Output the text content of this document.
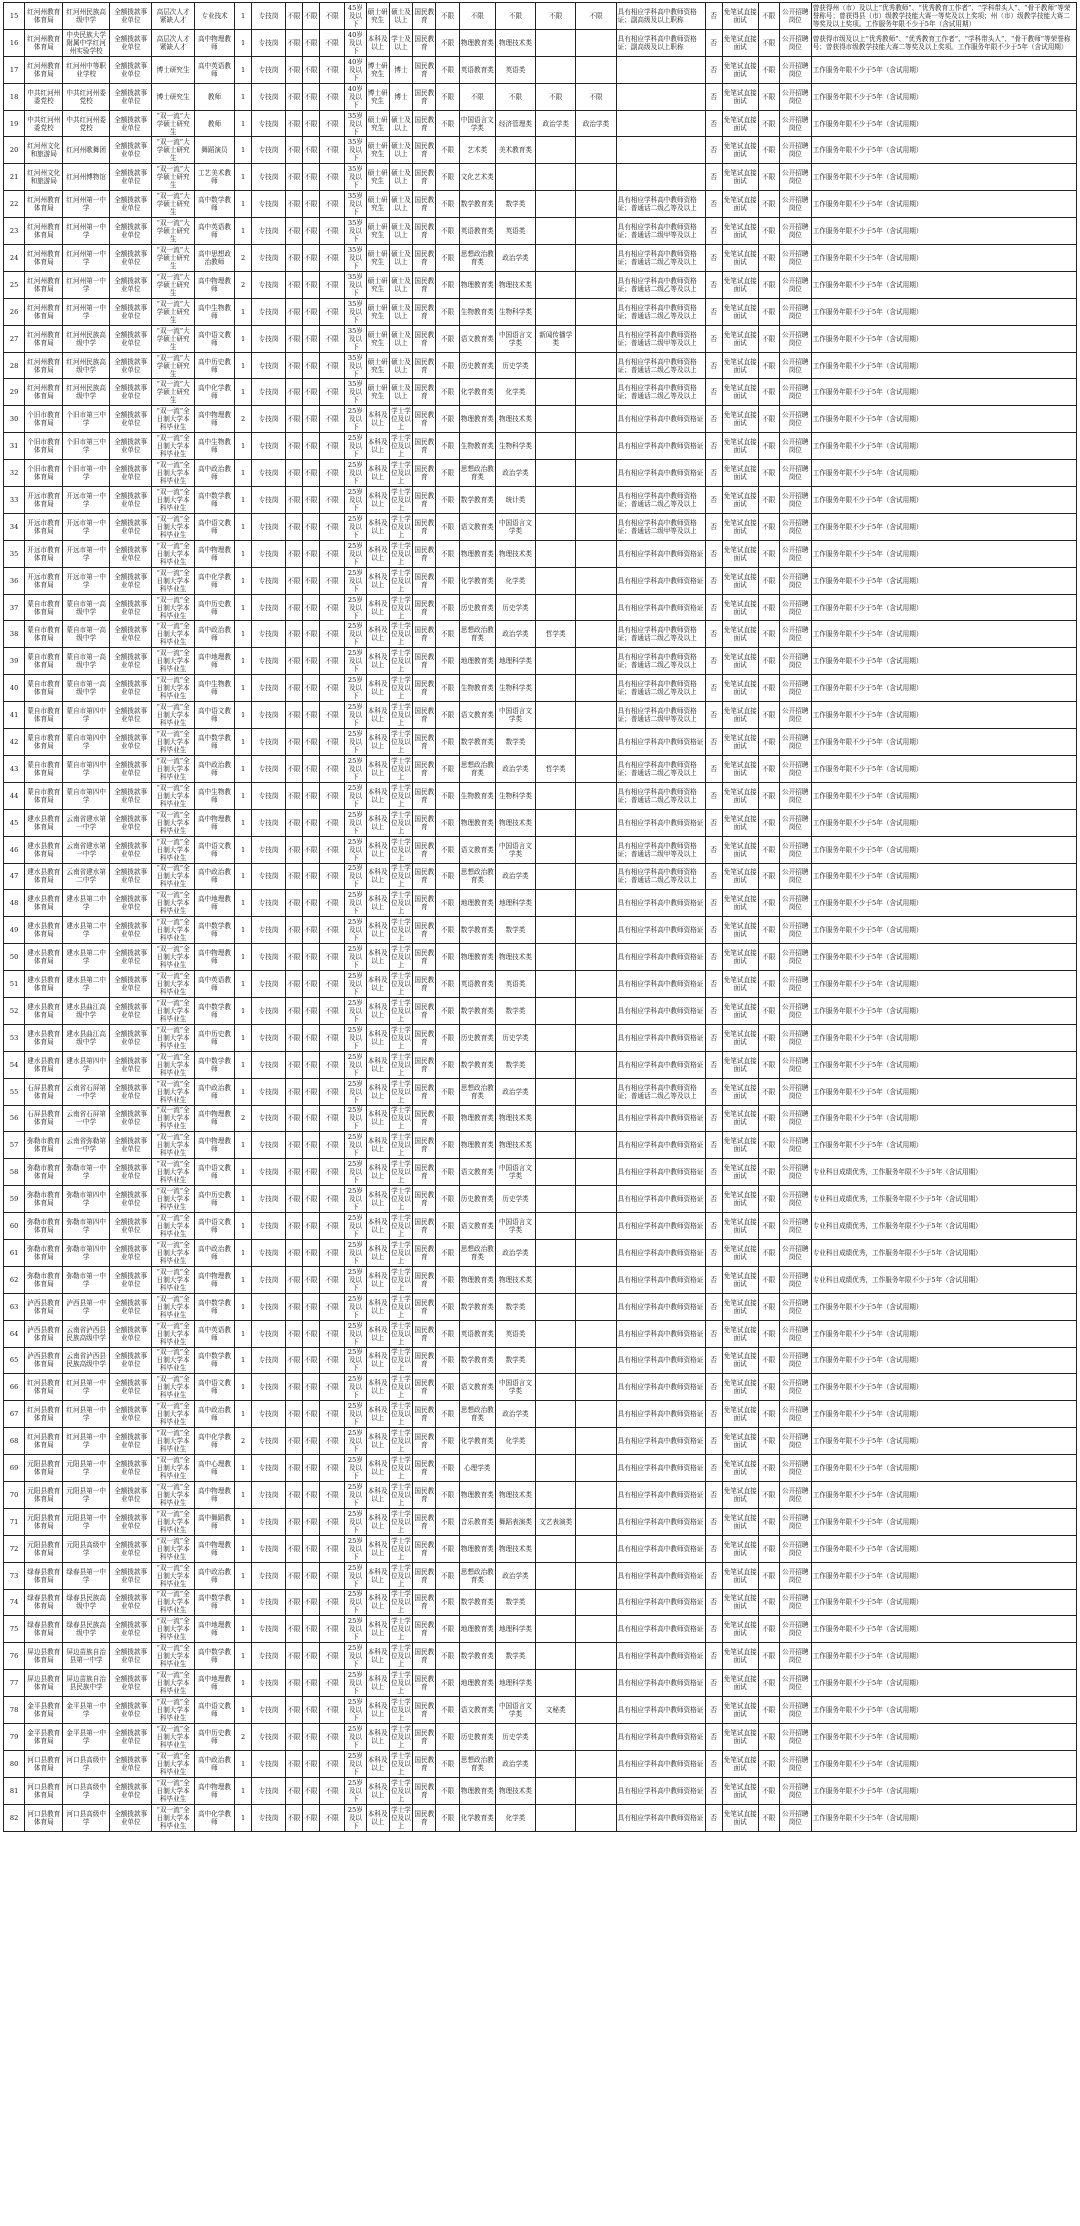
15	红河州教育体育局	红河州民族高级中学	全额拨款事业单位	高层次人才紧缺人才	专业技术	1	专技岗	不限	不限	不限	45岁及以下	硕士研究生	硕士及以上	国民教育	不限	不限	不限	不限	不限	具有相应学科高中教师资格证；副高级及以上职称	否	免笔试直接面试	不限	公开招聘岗位	曾获得州（市）及以上“优秀教师”、“优秀教育工作者”、“学科带头人”、“骨干教师”等荣誉称号；曾获得县（市）级教学技能大赛一等奖及以上奖项；州（市）级教学技能大赛二等奖及以上奖项。工作服务年限不少于5年（含试用期）
16	红河州教育体育局	中央民族大学附属中学红河州实验学校	全额拨款事业单位	高层次人才紧缺人才	高中物理教师	1	专技岗	不限	不限	不限	40岁及以下	本科及以上	学士及以上	国民教育	不限	物理教育类	物理技术类			具有相应学科高中教师资格证；副高级及以上职称	否	免笔试直接面试	不限	公开招聘岗位	曾获得市级及以上“优秀教师”、“优秀教育工作者”、“学科带头人”、“骨干教师”等荣誉称号；曾获得市级教学技能大赛二等奖及以上奖项。工作服务年限不少于5年（含试用期）
17	红河州教育体育局	红河州中等职业学校	全额拨款事业单位	博士研究生	高中英语教师	1	专技岗	不限	不限	不限	40岁及以下	博士研究生	博士	国民教育	不限	英语教育类	英语类				否	免笔试直接面试	不限	公开招聘岗位	工作服务年限不少于5年（含试用期）
18	中共红河州委党校	中共红河州委党校	全额拨款事业单位	博士研究生	教师	1	专技岗	不限	不限	不限	40岁及以下	博士研究生	博士	国民教育	不限	不限	不限	不限	不限		否	免笔试直接面试	不限	公开招聘岗位	工作服务年限不少于5年（含试用期）
19	中共红河州委党校	中共红河州委党校	全额拨款事业单位	“双一流”大学硕士研究生	教师	1	专技岗	不限	不限	不限	35岁及以下	硕士研究生	硕士及以上	国民教育	不限	中国语言文学类	经济管理类	政治学类	政治学类		否	免笔试直接面试	不限	公开招聘岗位	工作服务年限不少于5年（含试用期）
20	红河州文化和旅游局	红河州歌舞团	全额拨款事业单位	“双一流”大学硕士研究生	舞蹈演员	1	专技岗	不限	不限	不限	35岁及以下	硕士研究生	硕士及以上	国民教育	不限	艺术类	美术教育类				否	免笔试直接面试	不限	公开招聘岗位	工作服务年限不少于5年（含试用期）
21	红河州文化和旅游局	红河州博物馆	全额拨款事业单位	“双一流”大学硕士研究生	工艺美术教师	1	专技岗	不限	不限	不限	35岁及以下	硕士研究生	硕士及以上	国民教育	不限	文化艺术类					否	免笔试直接面试	不限	公开招聘岗位	工作服务年限不少于5年（含试用期）
22	红河州教育体育局	红河州第一中学	全额拨款事业单位	“双一流”大学硕士研究生	高中数学教师	1	专技岗	不限	不限	不限	35岁及以下	硕士研究生	硕士及以上	国民教育	不限	数学教育类	数学类			具有相应学科高中教师资格证；普通话二级乙等及以上	否	免笔试直接面试	不限	公开招聘岗位	工作服务年限不少于5年（含试用期）
23	红河州教育体育局	红河州第一中学	全额拨款事业单位	“双一流”大学硕士研究生	高中英语教师	1	专技岗	不限	不限	不限	35岁及以下	硕士研究生	硕士及以上	国民教育	不限	英语教育类	英语类			具有相应学科高中教师资格证；普通话二级甲等及以上	否	免笔试直接面试	不限	公开招聘岗位	工作服务年限不少于5年（含试用期）
24	红河州教育体育局	红河州第一中学	全额拨款事业单位	“双一流”大学硕士研究生	高中思想政治教师	2	专技岗	不限	不限	不限	35岁及以下	硕士研究生	硕士及以上	国民教育	不限	思想政治教育类	政治学类			具有相应学科高中教师资格证；普通话二级乙等及以上	否	免笔试直接面试	不限	公开招聘岗位	工作服务年限不少于5年（含试用期）
25	红河州教育体育局	红河州第一中学	全额拨款事业单位	“双一流”大学硕士研究生	高中物理教师	2	专技岗	不限	不限	不限	35岁及以下	硕士研究生	硕士及以上	国民教育	不限	物理教育类	物理技术类			具有相应学科高中教师资格证；普通话二级乙等及以上	否	免笔试直接面试	不限	公开招聘岗位	工作服务年限不少于5年（含试用期）
26	红河州教育体育局	红河州第一中学	全额拨款事业单位	“双一流”大学硕士研究生	高中生物教师	1	专技岗	不限	不限	不限	35岁及以下	硕士研究生	硕士及以上	国民教育	不限	生物教育类	生物科学类			具有相应学科高中教师资格证；普通话二级乙等及以上	否	免笔试直接面试	不限	公开招聘岗位	工作服务年限不少于5年（含试用期）
27	红河州教育体育局	红河州民族高级中学	全额拨款事业单位	“双一流”大学硕士研究生	高中语文教师	1	专技岗	不限	不限	不限	35岁及以下	硕士研究生	硕士及以上	国民教育	不限	语文教育类	中国语言文学类	新闻传播学类		具有相应学科高中教师资格证；普通话二级甲等及以上	否	免笔试直接面试	不限	公开招聘岗位	工作服务年限不少于5年（含试用期）
28	红河州教育体育局	红河州民族高级中学	全额拨款事业单位	“双一流”大学硕士研究生	高中历史教师	1	专技岗	不限	不限	不限	35岁及以下	硕士研究生	硕士及以上	国民教育	不限	历史教育类	历史学类			具有相应学科高中教师资格证；普通话二级乙等及以上	否	免笔试直接面试	不限	公开招聘岗位	工作服务年限不少于5年（含试用期）
29	红河州教育体育局	红河州民族高级中学	全额拨款事业单位	“双一流”大学硕士研究生	高中化学教师	1	专技岗	不限	不限	不限	35岁及以下	硕士研究生	硕士及以上	国民教育	不限	化学教育类	化学类			具有相应学科高中教师资格证；普通话二级乙等及以上	否	免笔试直接面试	不限	公开招聘岗位	工作服务年限不少于5年（含试用期）
30	个旧市教育体育局	个旧市第三中学	全额拨款事业单位	“双一流”全日制大学本科毕业生	高中物理教师	2	专技岗	不限	不限	不限	25岁及以下	本科及以上	学士学位及以上	国民教育	不限	物理教育类	物理技术类			具有相应学科高中教师资格证	否	免笔试直接面试	不限	公开招聘岗位	工作服务年限不少于5年（含试用期）
31	个旧市教育体育局	个旧市第三中学	全额拨款事业单位	“双一流”全日制大学本科毕业生	高中生物教师	1	专技岗	不限	不限	不限	25岁及以下	本科及以上	学士学位及以上	国民教育	不限	生物教育类	生物科学类			具有相应学科高中教师资格证	否	免笔试直接面试	不限	公开招聘岗位	工作服务年限不少于5年（含试用期）
32	个旧市教育体育局	个旧市第一中学	全额拨款事业单位	“双一流”全日制大学本科毕业生	高中政治教师	1	专技岗	不限	不限	不限	25岁及以下	本科及以上	学士学位及以上	国民教育	不限	思想政治教育类	政治学类			具有相应学科高中教师资格证	否	免笔试直接面试	不限	公开招聘岗位	工作服务年限不少于5年（含试用期）
33	开远市教育体育局	开远市第一中学	全额拨款事业单位	“双一流”全日制大学本科毕业生	高中数学教师	1	专技岗	不限	不限	不限	25岁及以下	本科及以上	学士学位及以上	国民教育	不限	数学教育类	统计类			具有相应学科高中教师资格证；普通话二级乙等及以上	否	免笔试直接面试	不限	公开招聘岗位	工作服务年限不少于5年（含试用期）
34	开远市教育体育局	开远市第一中学	全额拨款事业单位	“双一流”全日制大学本科毕业生	高中语文教师	1	专技岗	不限	不限	不限	25岁及以下	本科及以上	学士学位及以上	国民教育	不限	语文教育类	中国语言文学类			具有相应学科高中教师资格证；普通话二级甲等及以上	否	免笔试直接面试	不限	公开招聘岗位	工作服务年限不少于5年（含试用期）
35	开远市教育体育局	开远市第一中学	全额拨款事业单位	“双一流”全日制大学本科毕业生	高中物理教师	1	专技岗	不限	不限	不限	25岁及以下	本科及以上	学士学位及以上	国民教育	不限	物理教育类	物理技术类			具有相应学科高中教师资格证	否	免笔试直接面试	不限	公开招聘岗位	工作服务年限不少于5年（含试用期）
36	开远市教育体育局	开远市第一中学	全额拨款事业单位	“双一流”全日制大学本科毕业生	高中化学教师	1	专技岗	不限	不限	不限	25岁及以下	本科及以上	学士学位及以上	国民教育	不限	化学教育类	化学类			具有相应学科高中教师资格证	否	免笔试直接面试	不限	公开招聘岗位	工作服务年限不少于5年（含试用期）
37	蒙自市教育体育局	蒙自市第一高级中学	全额拨款事业单位	“双一流”全日制大学本科毕业生	高中历史教师	1	专技岗	不限	不限	不限	25岁及以下	本科及以上	学士学位及以上	国民教育	不限	历史教育类	历史学类			具有相应学科高中教师资格证	否	免笔试直接面试	不限	公开招聘岗位	工作服务年限不少于5年（含试用期）
38	蒙自市教育体育局	蒙自市第一高级中学	全额拨款事业单位	“双一流”全日制大学本科毕业生	高中政治教师	1	专技岗	不限	不限	不限	25岁及以下	本科及以上	学士学位及以上	国民教育	不限	思想政治教育类	政治学类	哲学类		具有相应学科高中教师资格证；普通话二级乙等及以上	否	免笔试直接面试	不限	公开招聘岗位	工作服务年限不少于5年（含试用期）
39	蒙自市教育体育局	蒙自市第一高级中学	全额拨款事业单位	“双一流”全日制大学本科毕业生	高中地理教师	1	专技岗	不限	不限	不限	25岁及以下	本科及以上	学士学位及以上	国民教育	不限	地理教育类	地理科学类			具有相应学科高中教师资格证；普通话二级乙等及以上	否	免笔试直接面试	不限	公开招聘岗位	工作服务年限不少于5年（含试用期）
40	蒙自市教育体育局	蒙自市第一高级中学	全额拨款事业单位	“双一流”全日制大学本科毕业生	高中生物教师	1	专技岗	不限	不限	不限	25岁及以下	本科及以上	学士学位及以上	国民教育	不限	生物教育类	生物科学类			具有相应学科高中教师资格证；普通话二级乙等及以上	否	免笔试直接面试	不限	公开招聘岗位	工作服务年限不少于5年（含试用期）
41	蒙自市教育体育局	蒙自市第四中学	全额拨款事业单位	“双一流”全日制大学本科毕业生	高中语文教师	1	专技岗	不限	不限	不限	25岁及以下	本科及以上	学士学位及以上	国民教育	不限	语文教育类	中国语言文学类			具有相应学科高中教师资格证；普通话二级甲等及以上	否	免笔试直接面试	不限	公开招聘岗位	工作服务年限不少于5年（含试用期）
42	蒙自市教育体育局	蒙自市第四中学	全额拨款事业单位	“双一流”全日制大学本科毕业生	高中数学教师	1	专技岗	不限	不限	不限	25岁及以下	本科及以上	学士学位及以上	国民教育	不限	数学教育类	数学类			具有相应学科高中教师资格证	否	免笔试直接面试	不限	公开招聘岗位	工作服务年限不少于5年（含试用期）
43	蒙自市教育体育局	蒙自市第四中学	全额拨款事业单位	“双一流”全日制大学本科毕业生	高中政治教师	1	专技岗	不限	不限	不限	25岁及以下	本科及以上	学士学位及以上	国民教育	不限	思想政治教育类	政治学类	哲学类		具有相应学科高中教师资格证；普通话二级乙等及以上	否	免笔试直接面试	不限	公开招聘岗位	工作服务年限不少于5年（含试用期）
44	蒙自市教育体育局	蒙自市第四中学	全额拨款事业单位	“双一流”全日制大学本科毕业生	高中生物教师	1	专技岗	不限	不限	不限	25岁及以下	本科及以上	学士学位及以上	国民教育	不限	生物教育类	生物科学类			具有相应学科高中教师资格证；普通话二级乙等及以上	否	免笔试直接面试	不限	公开招聘岗位	工作服务年限不少于5年（含试用期）
45	建水县教育体育局	云南省建水第一中学	全额拨款事业单位	“双一流”全日制大学本科毕业生	高中物理教师	1	专技岗	不限	不限	不限	25岁及以下	本科及以上	学士学位及以上	国民教育	不限	物理教育类	物理技术类			具有相应学科高中教师资格证	否	免笔试直接面试	不限	公开招聘岗位	工作服务年限不少于5年（含试用期）
46	建水县教育体育局	云南省建水第一中学	全额拨款事业单位	“双一流”全日制大学本科毕业生	高中语文教师	1	专技岗	不限	不限	不限	25岁及以下	本科及以上	学士学位及以上	国民教育	不限	语文教育类	中国语言文学类			具有相应学科高中教师资格证；普通话二级甲等及以上	否	免笔试直接面试	不限	公开招聘岗位	工作服务年限不少于5年（含试用期）
47	建水县教育体育局	云南省建水第二中学	全额拨款事业单位	“双一流”全日制大学本科毕业生	高中政治教师	1	专技岗	不限	不限	不限	25岁及以下	本科及以上	学士学位及以上	国民教育	不限	思想政治教育类	政治学类			具有相应学科高中教师资格证；普通话二级乙等及以上	否	免笔试直接面试	不限	公开招聘岗位	工作服务年限不少于5年（含试用期）
48	建水县教育体育局	建水县第二中学	全额拨款事业单位	“双一流”全日制大学本科毕业生	高中地理教师	1	专技岗	不限	不限	不限	25岁及以下	本科及以上	学士学位及以上	国民教育	不限	地理教育类	地理科学类			具有相应学科高中教师资格证	否	免笔试直接面试	不限	公开招聘岗位	工作服务年限不少于5年（含试用期）
49	建水县教育体育局	建水县第二中学	全额拨款事业单位	“双一流”全日制大学本科毕业生	高中数学教师	1	专技岗	不限	不限	不限	25岁及以下	本科及以上	学士学位及以上	国民教育	不限	数学教育类	数学类			具有相应学科高中教师资格证	否	免笔试直接面试	不限	公开招聘岗位	工作服务年限不少于5年（含试用期）
50	建水县教育体育局	建水县第二中学	全额拨款事业单位	“双一流”全日制大学本科毕业生	高中物理教师	1	专技岗	不限	不限	不限	25岁及以下	本科及以上	学士学位及以上	国民教育	不限	物理教育类	物理技术类			具有相应学科高中教师资格证	否	免笔试直接面试	不限	公开招聘岗位	工作服务年限不少于5年（含试用期）
51	建水县教育体育局	建水县第二中学	全额拨款事业单位	“双一流”全日制大学本科毕业生	高中英语教师	1	专技岗	不限	不限	不限	25岁及以下	本科及以上	学士学位及以上	国民教育	不限	英语教育类	英语类			具有相应学科高中教师资格证	否	免笔试直接面试	不限	公开招聘岗位	工作服务年限不少于5年（含试用期）
52	建水县教育体育局	建水县曲江高级中学	全额拨款事业单位	“双一流”全日制大学本科毕业生	高中数学教师	1	专技岗	不限	不限	不限	25岁及以下	本科及以上	学士学位及以上	国民教育	不限	数学教育类	数学类			具有相应学科高中教师资格证	否	免笔试直接面试	不限	公开招聘岗位	工作服务年限不少于5年（含试用期）
53	建水县教育体育局	建水县曲江高级中学	全额拨款事业单位	“双一流”全日制大学本科毕业生	高中历史教师	1	专技岗	不限	不限	不限	25岁及以下	本科及以上	学士学位及以上	国民教育	不限	历史教育类	历史学类			具有相应学科高中教师资格证	否	免笔试直接面试	不限	公开招聘岗位	工作服务年限不少于5年（含试用期）
54	建水县教育体育局	建水县第四中学	全额拨款事业单位	“双一流”全日制大学本科毕业生	高中数学教师	1	专技岗	不限	不限	不限	25岁及以下	本科及以上	学士学位及以上	国民教育	不限	数学教育类	数学类			具有相应学科高中教师资格证	否	免笔试直接面试	不限	公开招聘岗位	工作服务年限不少于5年（含试用期）
55	石屏县教育体育局	云南省石屏第一中学	全额拨款事业单位	“双一流”全日制大学本科毕业生	高中政治教师	1	专技岗	不限	不限	不限	25岁及以下	本科及以上	学士学位及以上	国民教育	不限	思想政治教育类	政治学类			具有相应学科高中教师资格证；普通话二级乙等及以上	否	免笔试直接面试	不限	公开招聘岗位	工作服务年限不少于5年（含试用期）
56	石屏县教育体育局	云南省石屏第一中学	全额拨款事业单位	“双一流”全日制大学本科毕业生	高中物理教师	2	专技岗	不限	不限	不限	25岁及以下	本科及以上	学士学位及以上	国民教育	不限	物理教育类	物理技术类			具有相应学科高中教师资格证	否	免笔试直接面试	不限	公开招聘岗位	工作服务年限不少于5年（含试用期）
57	弥勒市教育体育局	云南省弥勒第一中学	全额拨款事业单位	“双一流”全日制大学本科毕业生	高中物理教师	1	专技岗	不限	不限	不限	25岁及以下	本科及以上	学士学位及以上	国民教育	不限	物理教育类	物理技术类			具有相应学科高中教师资格证	否	免笔试直接面试	不限	公开招聘岗位	工作服务年限不少于5年（含试用期）
58	弥勒市教育体育局	弥勒市第一中学	全额拨款事业单位	“双一流”全日制大学本科毕业生	高中语文教师	1	专技岗	不限	不限	不限	25岁及以下	本科及以上	学士学位及以上	国民教育	不限	语文教育类	中国语言文学类			具有相应学科高中教师资格证	否	免笔试直接面试	不限	公开招聘岗位	专业科目成绩优秀，工作服务年限不少于5年（含试用期）
59	弥勒市教育体育局	弥勒市第四中学	全额拨款事业单位	“双一流”全日制大学本科毕业生	高中历史教师	1	专技岗	不限	不限	不限	25岁及以下	本科及以上	学士学位及以上	国民教育	不限	历史教育类	历史学类			具有相应学科高中教师资格证	否	免笔试直接面试	不限	公开招聘岗位	专业科目成绩优秀，工作服务年限不少于5年（含试用期）
60	弥勒市教育体育局	弥勒市第四中学	全额拨款事业单位	“双一流”全日制大学本科毕业生	高中语文教师	1	专技岗	不限	不限	不限	25岁及以下	本科及以上	学士学位及以上	国民教育	不限	语文教育类	中国语言文学类			具有相应学科高中教师资格证	否	免笔试直接面试	不限	公开招聘岗位	专业科目成绩优秀，工作服务年限不少于5年（含试用期）
61	弥勒市教育体育局	弥勒市第四中学	全额拨款事业单位	“双一流”全日制大学本科毕业生	高中政治教师	1	专技岗	不限	不限	不限	25岁及以下	本科及以上	学士学位及以上	国民教育	不限	思想政治教育类	政治学类			具有相应学科高中教师资格证	否	免笔试直接面试	不限	公开招聘岗位	专业科目成绩优秀，工作服务年限不少于5年（含试用期）
62	弥勒市教育体育局	弥勒市第一中学	全额拨款事业单位	“双一流”全日制大学本科毕业生	高中物理教师	1	专技岗	不限	不限	不限	25岁及以下	本科及以上	学士学位及以上	国民教育	不限	物理教育类	物理技术类			具有相应学科高中教师资格证	否	免笔试直接面试	不限	公开招聘岗位	专业科目成绩优秀，工作服务年限不少于5年（含试用期）
63	泸西县教育体育局	泸西县第一中学	全额拨款事业单位	“双一流”全日制大学本科毕业生	高中数学教师	1	专技岗	不限	不限	不限	25岁及以下	本科及以上	学士学位及以上	国民教育	不限	数学教育类	数学类			具有相应学科高中教师资格证	否	免笔试直接面试	不限	公开招聘岗位	工作服务年限不少于5年（含试用期）
64	泸西县教育体育局	云南省泸西县民族高级中学	全额拨款事业单位	“双一流”全日制大学本科毕业生	高中英语教师	1	专技岗	不限	不限	不限	25岁及以下	本科及以上	学士学位及以上	国民教育	不限	英语教育类	英语类			具有相应学科高中教师资格证	否	免笔试直接面试	不限	公开招聘岗位	工作服务年限不少于5年（含试用期）
65	泸西县教育体育局	云南省泸西县民族高级中学	全额拨款事业单位	“双一流”全日制大学本科毕业生	高中数学教师	1	专技岗	不限	不限	不限	25岁及以下	本科及以上	学士学位及以上	国民教育	不限	数学教育类	数学类			具有相应学科高中教师资格证	否	免笔试直接面试	不限	公开招聘岗位	工作服务年限不少于5年（含试用期）
66	红河县教育体育局	红河县第一中学	全额拨款事业单位	“双一流”全日制大学本科毕业生	高中语文教师	1	专技岗	不限	不限	不限	25岁及以下	本科及以上	学士学位及以上	国民教育	不限	语文教育类	中国语言文学类			具有相应学科高中教师资格证	否	免笔试直接面试	不限	公开招聘岗位	工作服务年限不少于5年（含试用期）
67	红河县教育体育局	红河县第一中学	全额拨款事业单位	“双一流”全日制大学本科毕业生	高中政治教师	1	专技岗	不限	不限	不限	25岁及以下	本科及以上	学士学位及以上	国民教育	不限	思想政治教育类	政治学类			具有相应学科高中教师资格证	否	免笔试直接面试	不限	公开招聘岗位	工作服务年限不少于5年（含试用期）
68	红河县教育体育局	红河县第一中学	全额拨款事业单位	“双一流”全日制大学本科毕业生	高中化学教师	2	专技岗	不限	不限	不限	25岁及以下	本科及以上	学士学位及以上	国民教育	不限	化学教育类	化学类			具有相应学科高中教师资格证	否	免笔试直接面试	不限	公开招聘岗位	工作服务年限不少于5年（含试用期）
69	元阳县教育体育局	元阳县第一中学	全额拨款事业单位	“双一流”全日制大学本科毕业生	高中心理教师	1	专技岗	不限	不限	不限	25岁及以下	本科及以上	学士学位及以上	国民教育	不限	心理学类				具有相应学科高中教师资格证	否	免笔试直接面试	不限	公开招聘岗位	工作服务年限不少于5年（含试用期）
70	元阳县教育体育局	元阳县第一中学	全额拨款事业单位	“双一流”全日制大学本科毕业生	高中物理教师	1	专技岗	不限	不限	不限	25岁及以下	本科及以上	学士学位及以上	国民教育	不限	物理教育类	物理技术类			具有相应学科高中教师资格证	否	免笔试直接面试	不限	公开招聘岗位	工作服务年限不少于5年（含试用期）
71	元阳县教育体育局	元阳县第一中学	全额拨款事业单位	“双一流”全日制大学本科毕业生	高中舞蹈教师	1	专技岗	不限	不限	不限	25岁及以下	本科及以上	学士学位及以上	国民教育	不限	音乐教育类	舞蹈表演类	文艺表演类		具有相应学科高中教师资格证	否	免笔试直接面试	不限	公开招聘岗位	工作服务年限不少于5年（含试用期）
72	元阳县教育体育局	元阳县高级中学	全额拨款事业单位	“双一流”全日制大学本科毕业生	高中物理教师	1	专技岗	不限	不限	不限	25岁及以下	本科及以上	学士学位及以上	国民教育	不限	物理教育类	物理技术类			具有相应学科高中教师资格证	否	免笔试直接面试	不限	公开招聘岗位	工作服务年限不少于5年（含试用期）
73	绿春县教育体育局	绿春县第一中学	全额拨款事业单位	“双一流”全日制大学本科毕业生	高中政治教师	1	专技岗	不限	不限	不限	25岁及以下	本科及以上	学士学位及以上	国民教育	不限	思想政治教育类	政治学类			具有相应学科高中教师资格证	否	免笔试直接面试	不限	公开招聘岗位	工作服务年限不少于5年（含试用期）
74	绿春县教育体育局	绿春县民族高级中学	全额拨款事业单位	“双一流”全日制大学本科毕业生	高中数学教师	1	专技岗	不限	不限	不限	25岁及以下	本科及以上	学士学位及以上	国民教育	不限	数学教育类	数学类			具有相应学科高中教师资格证	否	免笔试直接面试	不限	公开招聘岗位	工作服务年限不少于5年（含试用期）
75	绿春县教育体育局	绿春县民族高级中学	全额拨款事业单位	“双一流”全日制大学本科毕业生	高中地理教师	1	专技岗	不限	不限	不限	25岁及以下	本科及以上	学士学位及以上	国民教育	不限	地理教育类	地理科学类			具有相应学科高中教师资格证	否	免笔试直接面试	不限	公开招聘岗位	工作服务年限不少于5年（含试用期）
76	屏边县教育体育局	屏边苗族自治县第一中学	全额拨款事业单位	“双一流”全日制大学本科毕业生	高中数学教师	1	专技岗	不限	不限	不限	25岁及以下	本科及以上	学士学位及以上	国民教育	不限	数学教育类	数学类			具有相应学科高中教师资格证	否	免笔试直接面试	不限	公开招聘岗位	工作服务年限不少于5年（含试用期）
77	屏边县教育体育局	屏边苗族自治县民族中学	全额拨款事业单位	“双一流”全日制大学本科毕业生	高中地理教师	1	专技岗	不限	不限	不限	25岁及以下	本科及以上	学士学位及以上	国民教育	不限	地理教育类	地理科学类			具有相应学科高中教师资格证	否	免笔试直接面试	不限	公开招聘岗位	工作服务年限不少于5年（含试用期）
78	金平县教育体育局	金平县第一中学	全额拨款事业单位	“双一流”全日制大学本科毕业生	高中语文教师	1	专技岗	不限	不限	不限	25岁及以下	本科及以上	学士学位及以上	国民教育	不限	语文教育类	中国语言文学类	文秘类		具有相应学科高中教师资格证	否	免笔试直接面试	不限	公开招聘岗位	工作服务年限不少于5年（含试用期）
79	金平县教育体育局	金平县第一中学	全额拨款事业单位	“双一流”全日制大学本科毕业生	高中历史教师	2	专技岗	不限	不限	不限	25岁及以下	本科及以上	学士学位及以上	国民教育	不限	历史教育类	历史学类			具有相应学科高中教师资格证	否	免笔试直接面试	不限	公开招聘岗位	工作服务年限不少于5年（含试用期）
80	河口县教育体育局	河口县高级中学	全额拨款事业单位	“双一流”全日制大学本科毕业生	高中政治教师	1	专技岗	不限	不限	不限	25岁及以下	本科及以上	学士学位及以上	国民教育	不限	思想政治教育类	政治学类			具有相应学科高中教师资格证	否	免笔试直接面试	不限	公开招聘岗位	工作服务年限不少于5年（含试用期）
81	河口县教育体育局	河口县高级中学	全额拨款事业单位	“双一流”全日制大学本科毕业生	高中物理教师	1	专技岗	不限	不限	不限	25岁及以下	本科及以上	学士学位及以上	国民教育	不限	物理教育类	物理技术类			具有相应学科高中教师资格证	否	免笔试直接面试	不限	公开招聘岗位	工作服务年限不少于5年（含试用期）
82	河口县教育体育局	河口县高级中学	全额拨款事业单位	“双一流”全日制大学本科毕业生	高中化学教师	1	专技岗	不限	不限	不限	25岁及以下	本科及以上	学士学位及以上	国民教育	不限	化学教育类	化学类			具有相应学科高中教师资格证	否	免笔试直接面试	不限	公开招聘岗位	工作服务年限不少于5年（含试用期）
